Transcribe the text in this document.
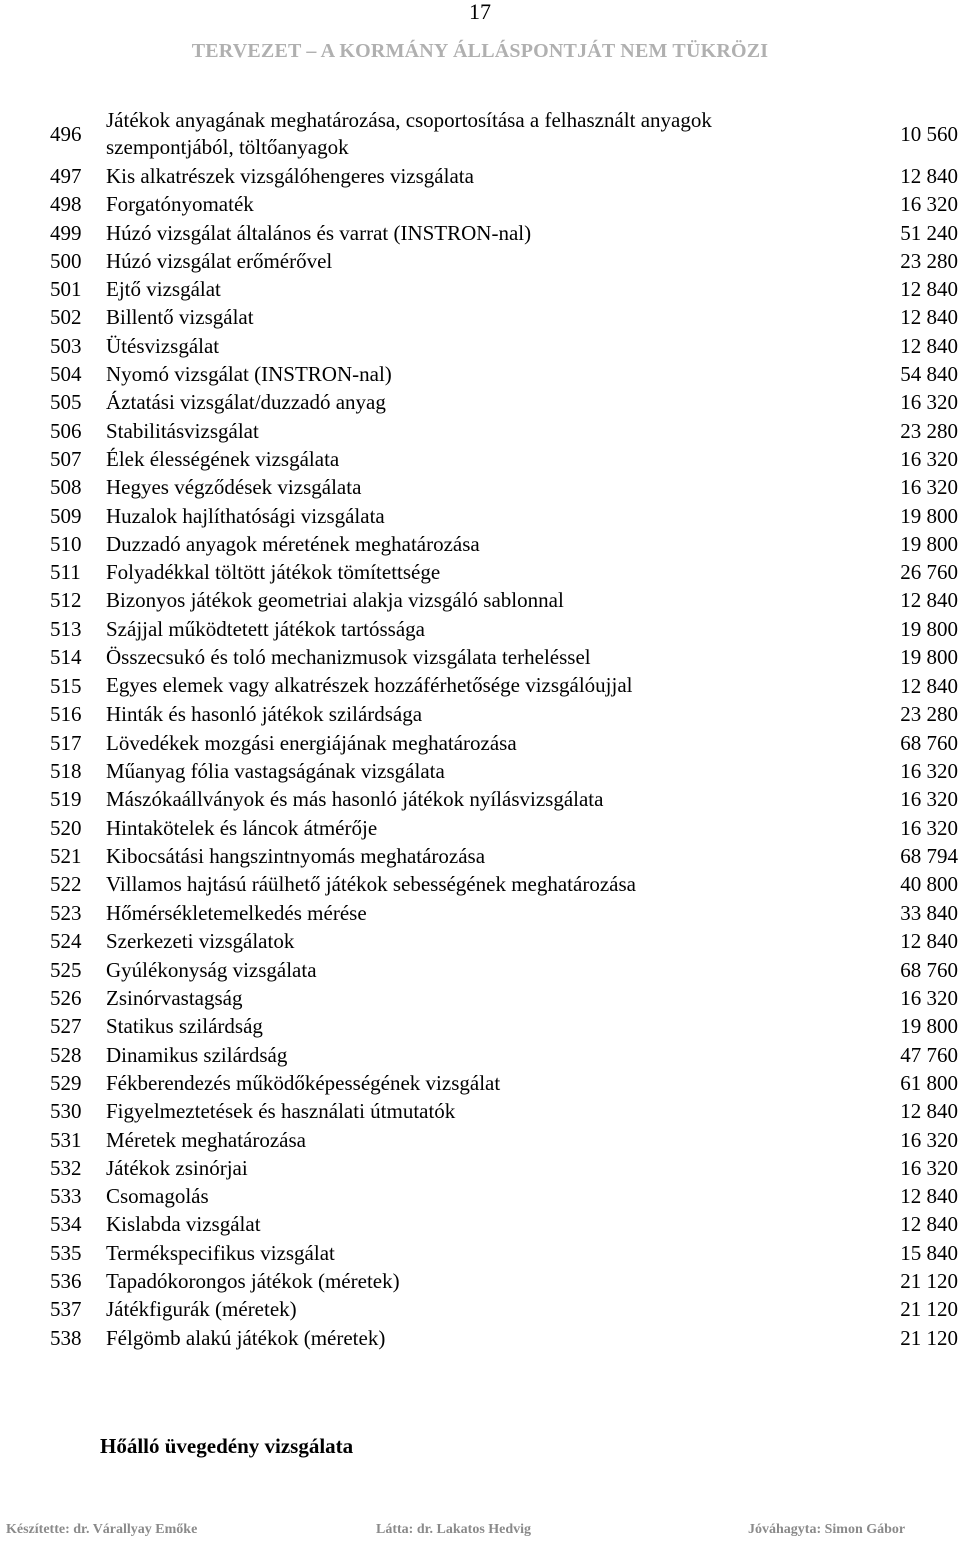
17
TERVEZET – A KORMÁNY ÁLLÁSPONTJÁT NEM TÜKRÖZI
496	Játékok anyagának meghatározása, csoportosítása a felhasznált anyagok szempontjából, töltőanyagok	10 560
497	Kis alkatrészek vizsgálóhengeres vizsgálata	12 840
498	Forgatónyomaték	16 320
499	Húzó vizsgálat általános és varrat (INSTRON-nal)	51 240
500	Húzó vizsgálat erőmérővel	23 280
501	Ejtő vizsgálat	12 840
502	Billentő vizsgálat	12 840
503	Ütésvizsgálat	12 840
504	Nyomó vizsgálat (INSTRON-nal)	54 840
505	Áztatási vizsgálat/duzzadó anyag	16 320
506	Stabilitásvizsgálat	23 280
507	Élek élességének vizsgálata	16 320
508	Hegyes végződések vizsgálata	16 320
509	Huzalok hajlíthatósági vizsgálata	19 800
510	Duzzadó anyagok méretének meghatározása	19 800
511	Folyadékkal töltött játékok tömítettsége	26 760
512	Bizonyos játékok geometriai alakja vizsgáló sablonnal	12 840
513	Szájjal működtetett játékok tartóssága	19 800
514	Összecsukó és toló mechanizmusok vizsgálata terheléssel	19 800
515	Egyes elemek vagy alkatrészek hozzáférhetősége vizsgálóujjal	12 840
516	Hinták és hasonló játékok szilárdsága	23 280
517	Lövedékek mozgási energiájának meghatározása	68 760
518	Műanyag fólia vastagságának vizsgálata	16 320
519	Mászókaállványok és más hasonló játékok nyílásvizsgálata	16 320
520	Hintakötelek és láncok átmérője	16 320
521	Kibocsátási hangszintnyomás meghatározása	68 794
522	Villamos hajtású ráülhető játékok sebességének meghatározása	40 800
523	Hőmérsékletemelkedés mérése	33 840
524	Szerkezeti vizsgálatok	12 840
525	Gyúlékonyság vizsgálata	68 760
526	Zsinórvastagság	16 320
527	Statikus szilárdság	19 800
528	Dinamikus szilárdság	47 760
529	Fékberendezés működőképességének vizsgálat	61 800
530	Figyelmeztetések és használati útmutatók	12 840
531	Méretek meghatározása	16 320
532	Játékok zsinórjai	16 320
533	Csomagolás	12 840
534	Kislabda vizsgálat	12 840
535	Termékspecifikus vizsgálat	15 840
536	Tapadókorongos játékok (méretek)	21 120
537	Játékfigurák (méretek)	21 120
538	Félgömb alakú játékok (méretek)	21 120
Hőálló üvegedény vizsgálata
Készítette: dr. Várallyay Emőke	Látta: dr. Lakatos Hedvig	Jóváhagyta: Simon Gábor
